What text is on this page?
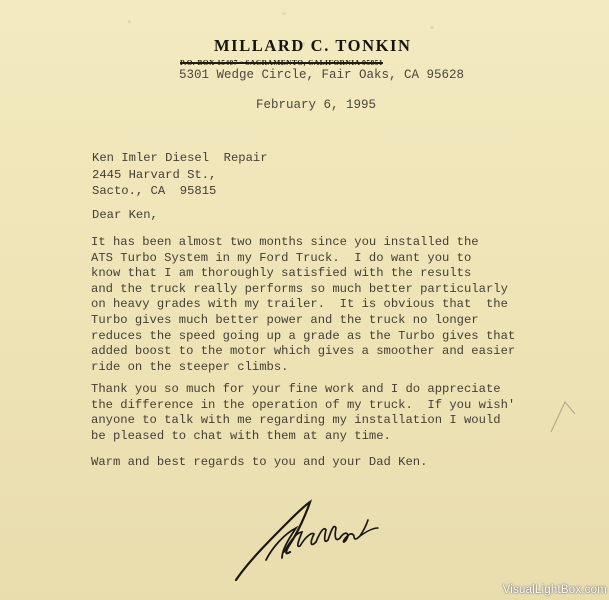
MILLARD C. TONKIN
P.O. BOX 15407 • SACRAMENTO, CALIFORNIA 95851
5301 Wedge Circle, Fair Oaks, CA 95628
February 6, 1995
Ken Imler Diesel  Repair
2445 Harvard St.,
Sacto., CA  95815
Dear Ken,
It has been almost two months since you installed the
ATS Turbo System in my Ford Truck.  I do want you to
know that I am thoroughly satisfied with the results
and the truck really performs so much better particularly
on heavy grades with my trailer.  It is obvious that  the
Turbo gives much better power and the truck no longer
reduces the speed going up a grade as the Turbo gives that
added boost to the motor which gives a smoother and easier
ride on the steeper climbs.
Thank you so much for your fine work and I do appreciate
the difference in the operation of my truck.  If you wish'
anyone to talk with me regarding my installation I would
be pleased to chat with them at any time.
Warm and best regards to you and your Dad Ken.
VisualLightBox.com
